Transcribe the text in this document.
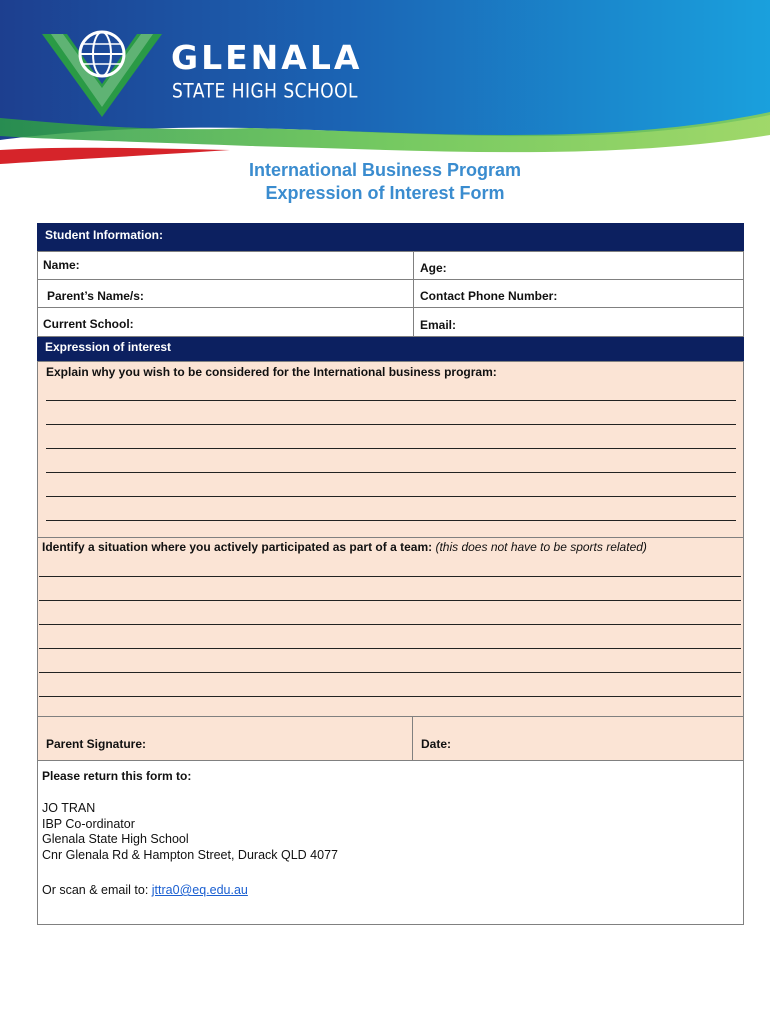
GLENALA
STATE HIGH SCHOOL
International Business Program
Expression of Interest Form
Student Information:
Name:	Age:
Parent’s Name/s:	Contact Phone Number:
Current School:	Email:
Expression of interest
Explain why you wish to be considered for the International business program:
Identify a situation where you actively participated as part of a team: (this does not have to be sports related)
Parent Signature:	Date:
Please return this form to:
JO TRAN
IBP Co-ordinator
Glenala State High School
Cnr Glenala Rd & Hampton Street, Durack QLD 4077
Or scan & email to: jttra0@eq.edu.au
